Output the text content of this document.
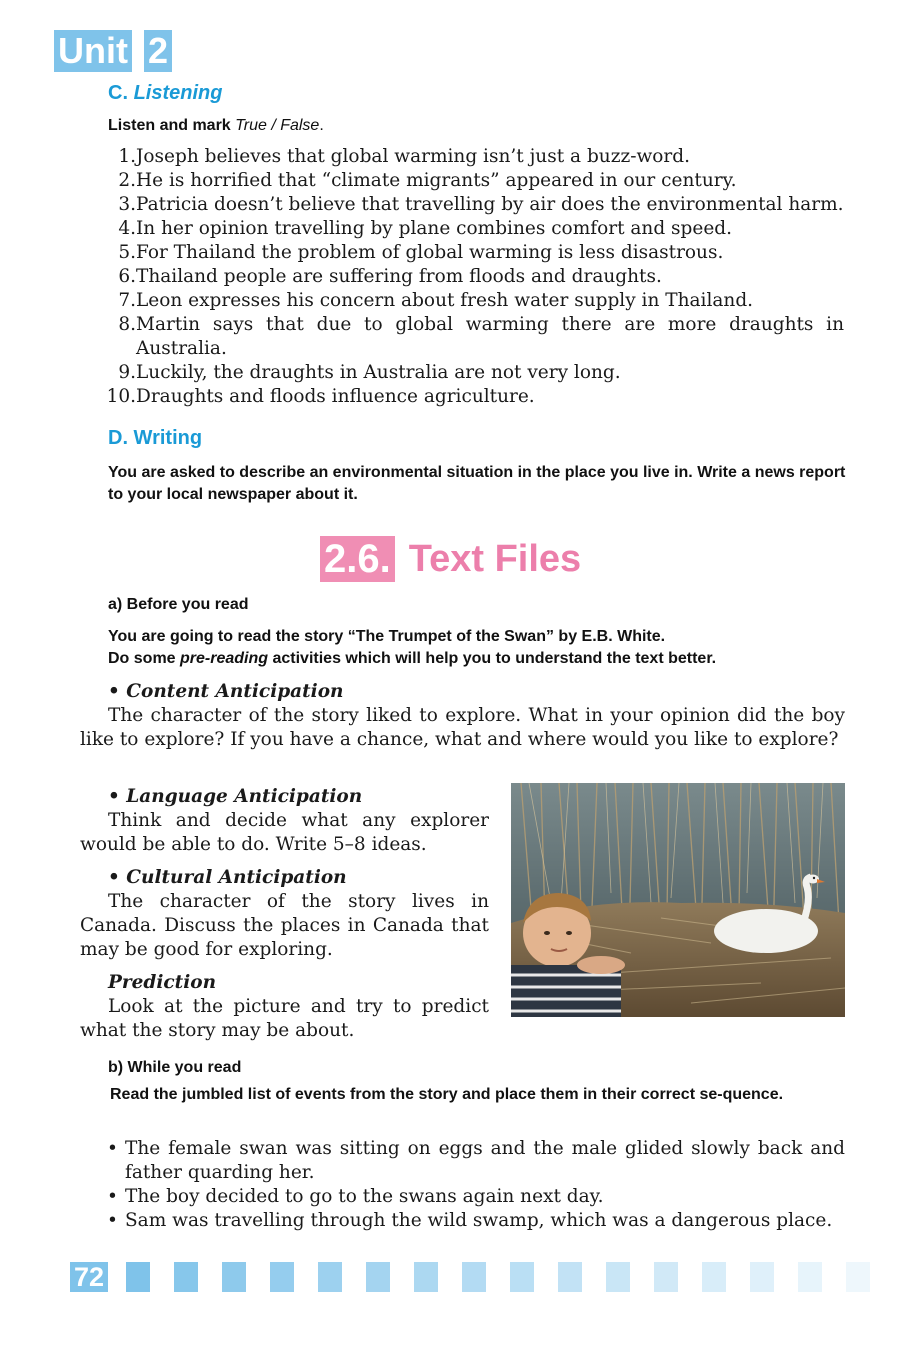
Unit 2
C. Listening
Listen and mark True / False.
1. Joseph believes that global warming isn’t just a buzz-word.
2. He is horrified that “climate migrants” appeared in our century.
3. Patricia doesn’t believe that travelling by air does the environmental harm.
4. In her opinion travelling by plane combines comfort and speed.
5. For Thailand the problem of global warming is less disastrous.
6. Thailand people are suffering from floods and draughts.
7. Leon expresses his concern about fresh water supply in Thailand.
8. Martin says that due to global warming there are more draughts in Australia.
9. Luckily, the draughts in Australia are not very long.
10. Draughts and floods influence agriculture.
D. Writing
You are asked to describe an environmental situation in the place you live in. Write a news report to your local newspaper about it.
2.6. Text Files
a) Before you read
You are going to read the story “The Trumpet of the Swan” by E.B. White.
Do some pre-reading activities which will help you to understand the text better.
• Content Anticipation
The character of the story liked to explore. What in your opinion did the boy like to explore? If you have a chance, what and where would you like to explore?
• Language Anticipation
Think and decide what any explorer would be able to do. Write 5–8 ideas.
• Cultural Anticipation
The character of the story lives in Canada. Discuss the places in Canada that may be good for exploring.
Prediction
Look at the picture and try to predict what the story may be about.
b) While you read
Read the jumbled list of events from the story and place them in their correct se-quence.
• The female swan was sitting on eggs and the male glided slowly back and father quarding her.
• The boy decided to go to the swans again next day.
• Sam was travelling through the wild swamp, which was a dangerous place.
72
